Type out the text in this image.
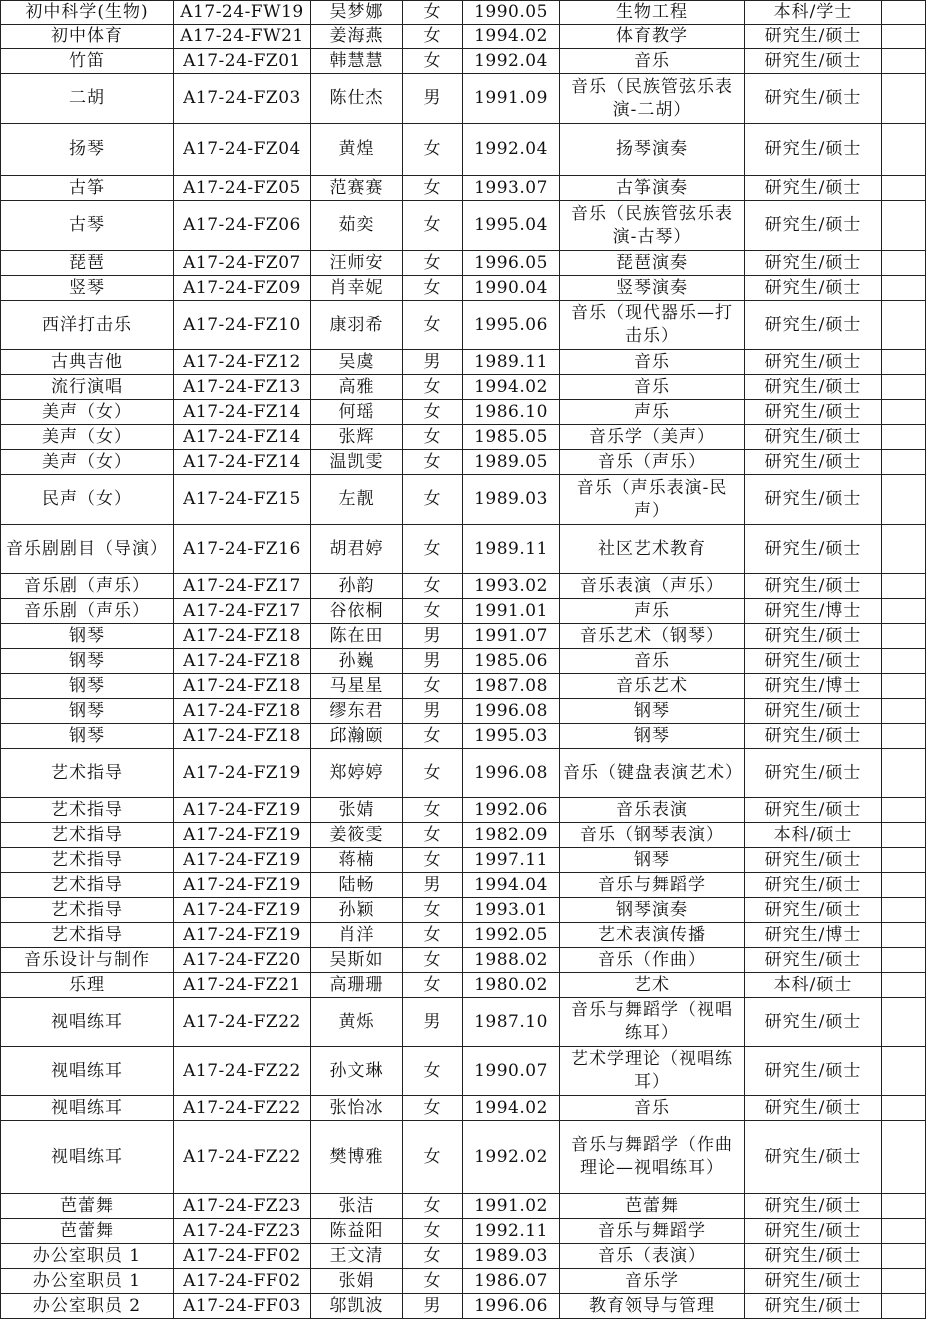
初中科学(生物)	A17-24-FW19	吴梦娜	女	1990.05	生物工程	本科/学士	
初中体育	A17-24-FW21	姜海燕	女	1994.02	体育教学	研究生/硕士	
竹笛	A17-24-FZ01	韩慧慧	女	1992.04	音乐	研究生/硕士	
二胡	A17-24-FZ03	陈仕杰	男	1991.09	音乐（民族管弦乐表演-二胡）	研究生/硕士	
扬琴	A17-24-FZ04	黄煌	女	1992.04	扬琴演奏	研究生/硕士	
古筝	A17-24-FZ05	范赛赛	女	1993.07	古筝演奏	研究生/硕士	
古琴	A17-24-FZ06	茹奕	女	1995.04	音乐（民族管弦乐表演-古琴）	研究生/硕士	
琵琶	A17-24-FZ07	汪师安	女	1996.05	琵琶演奏	研究生/硕士	
竖琴	A17-24-FZ09	肖幸妮	女	1990.04	竖琴演奏	研究生/硕士	
西洋打击乐	A17-24-FZ10	康羽希	女	1995.06	音乐（现代器乐—打击乐）	研究生/硕士	
古典吉他	A17-24-FZ12	吴虞	男	1989.11	音乐	研究生/硕士	
流行演唱	A17-24-FZ13	高雅	女	1994.02	音乐	研究生/硕士	
美声（女）	A17-24-FZ14	何瑶	女	1986.10	声乐	研究生/硕士	
美声（女）	A17-24-FZ14	张辉	女	1985.05	音乐学（美声）	研究生/硕士	
美声（女）	A17-24-FZ14	温凯雯	女	1989.05	音乐（声乐）	研究生/硕士	
民声（女）	A17-24-FZ15	左靓	女	1989.03	音乐（声乐表演-民声）	研究生/硕士	
音乐剧剧目（导演）	A17-24-FZ16	胡君婷	女	1989.11	社区艺术教育	研究生/硕士	
音乐剧（声乐）	A17-24-FZ17	孙韵	女	1993.02	音乐表演（声乐）	研究生/硕士	
音乐剧（声乐）	A17-24-FZ17	谷依桐	女	1991.01	声乐	研究生/博士	
钢琴	A17-24-FZ18	陈在田	男	1991.07	音乐艺术（钢琴）	研究生/硕士	
钢琴	A17-24-FZ18	孙巍	男	1985.06	音乐	研究生/硕士	
钢琴	A17-24-FZ18	马星星	女	1987.08	音乐艺术	研究生/博士	
钢琴	A17-24-FZ18	缪东君	男	1996.08	钢琴	研究生/硕士	
钢琴	A17-24-FZ18	邱瀚颐	女	1995.03	钢琴	研究生/硕士	
艺术指导	A17-24-FZ19	郑婷婷	女	1996.08	音乐（键盘表演艺术）	研究生/硕士	
艺术指导	A17-24-FZ19	张婧	女	1992.06	音乐表演	研究生/硕士	
艺术指导	A17-24-FZ19	姜筱雯	女	1982.09	音乐（钢琴表演）	本科/硕士	
艺术指导	A17-24-FZ19	蒋楠	女	1997.11	钢琴	研究生/硕士	
艺术指导	A17-24-FZ19	陆畅	男	1994.04	音乐与舞蹈学	研究生/硕士	
艺术指导	A17-24-FZ19	孙颖	女	1993.01	钢琴演奏	研究生/硕士	
艺术指导	A17-24-FZ19	肖洋	女	1992.05	艺术表演传播	研究生/博士	
音乐设计与制作	A17-24-FZ20	吴斯如	女	1988.02	音乐（作曲）	研究生/硕士	
乐理	A17-24-FZ21	高珊珊	女	1980.02	艺术	本科/硕士	
视唱练耳	A17-24-FZ22	黄烁	男	1987.10	音乐与舞蹈学（视唱练耳）	研究生/硕士	
视唱练耳	A17-24-FZ22	孙文琳	女	1990.07	艺术学理论（视唱练耳）	研究生/硕士	
视唱练耳	A17-24-FZ22	张怡冰	女	1994.02	音乐	研究生/硕士	
视唱练耳	A17-24-FZ22	樊博雅	女	1992.02	音乐与舞蹈学（作曲理论—视唱练耳）	研究生/硕士	
芭蕾舞	A17-24-FZ23	张洁	女	1991.02	芭蕾舞	研究生/硕士	
芭蕾舞	A17-24-FZ23	陈益阳	女	1992.11	音乐与舞蹈学	研究生/硕士	
办公室职员 1	A17-24-FF02	王文清	女	1989.03	音乐（表演）	研究生/硕士	
办公室职员 1	A17-24-FF02	张娟	女	1986.07	音乐学	研究生/硕士	
办公室职员 2	A17-24-FF03	邬凯波	男	1996.06	教育领导与管理	研究生/硕士	
